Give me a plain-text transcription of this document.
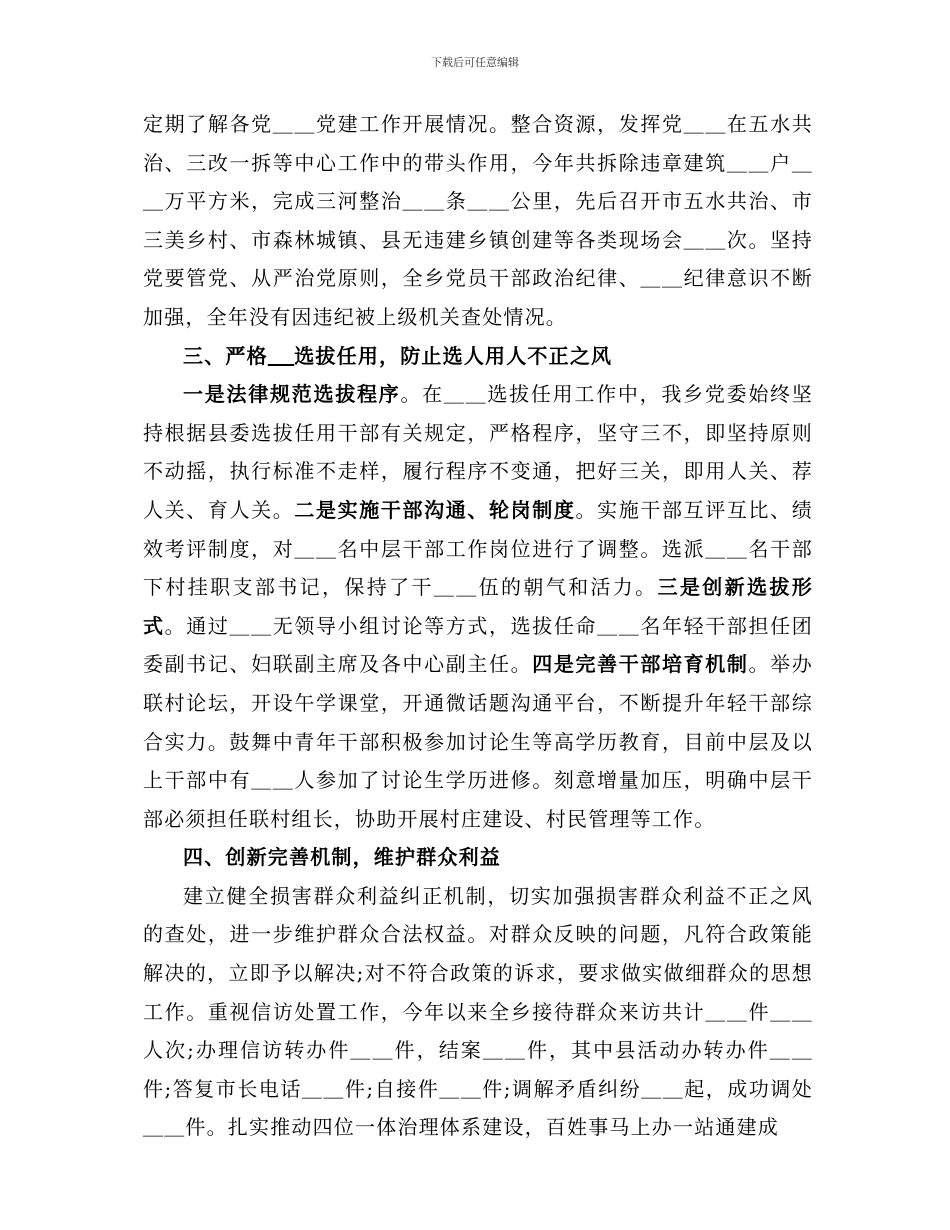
下载后可任意编辑

定期了解各党＿＿党建工作开展情况。整合资源，发挥党＿＿在五水共治、三改一拆等中心工作中的带头作用，今年共拆除违章建筑＿＿户＿＿万平方米，完成三河整治＿＿条＿＿公里，先后召开市五水共治、市三美乡村、市森林城镇、县无违建乡镇创建等各类现场会＿＿次。坚持党要管党、从严治党原则，全乡党员干部政治纪律、＿＿纪律意识不断加强，全年没有因违纪被上级机关查处情况。

三、严格　  选拔任用，防止选人用人不正之风

一是法律规范选拔程序。在＿＿选拔任用工作中，我乡党委始终坚持根据县委选拔任用干部有关规定，严格程序，坚守三不，即坚持原则不动摇，执行标准不走样，履行程序不变通，把好三关，即用人关、荐人关、育人关。二是实施干部沟通、轮岗制度。实施干部互评互比、绩效考评制度，对＿＿名中层干部工作岗位进行了调整。选派＿＿名干部下村挂职支部书记，保持了干＿＿伍的朝气和活力。三是创新选拔形式。通过＿＿无领导小组讨论等方式，选拔任命＿＿名年轻干部担任团委副书记、妇联副主席及各中心副主任。四是完善干部培育机制。举办联村论坛，开设午学课堂，开通微话题沟通平台，不断提升年轻干部综合实力。鼓舞中青年干部积极参加讨论生等高学历教育，目前中层及以上干部中有＿＿人参加了讨论生学历进修。刻意增量加压，明确中层干部必须担任联村组长，协助开展村庄建设、村民管理等工作。

四、创新完善机制，维护群众利益

建立健全损害群众利益纠正机制，切实加强损害群众利益不正之风的查处，进一步维护群众合法权益。对群众反映的问题，凡符合政策能解决的，立即予以解决;对不符合政策的诉求，要求做实做细群众的思想工作。重视信访处置工作，今年以来全乡接待群众来访共计＿＿件＿＿人次;办理信访转办件＿＿件，结案＿＿件，其中县活动办转办件＿＿件;答复市长电话＿＿件;自接件＿＿件;调解矛盾纠纷＿＿起，成功调处＿＿件。扎实推动四位一体治理体系建设，百姓事马上办一站通建成
